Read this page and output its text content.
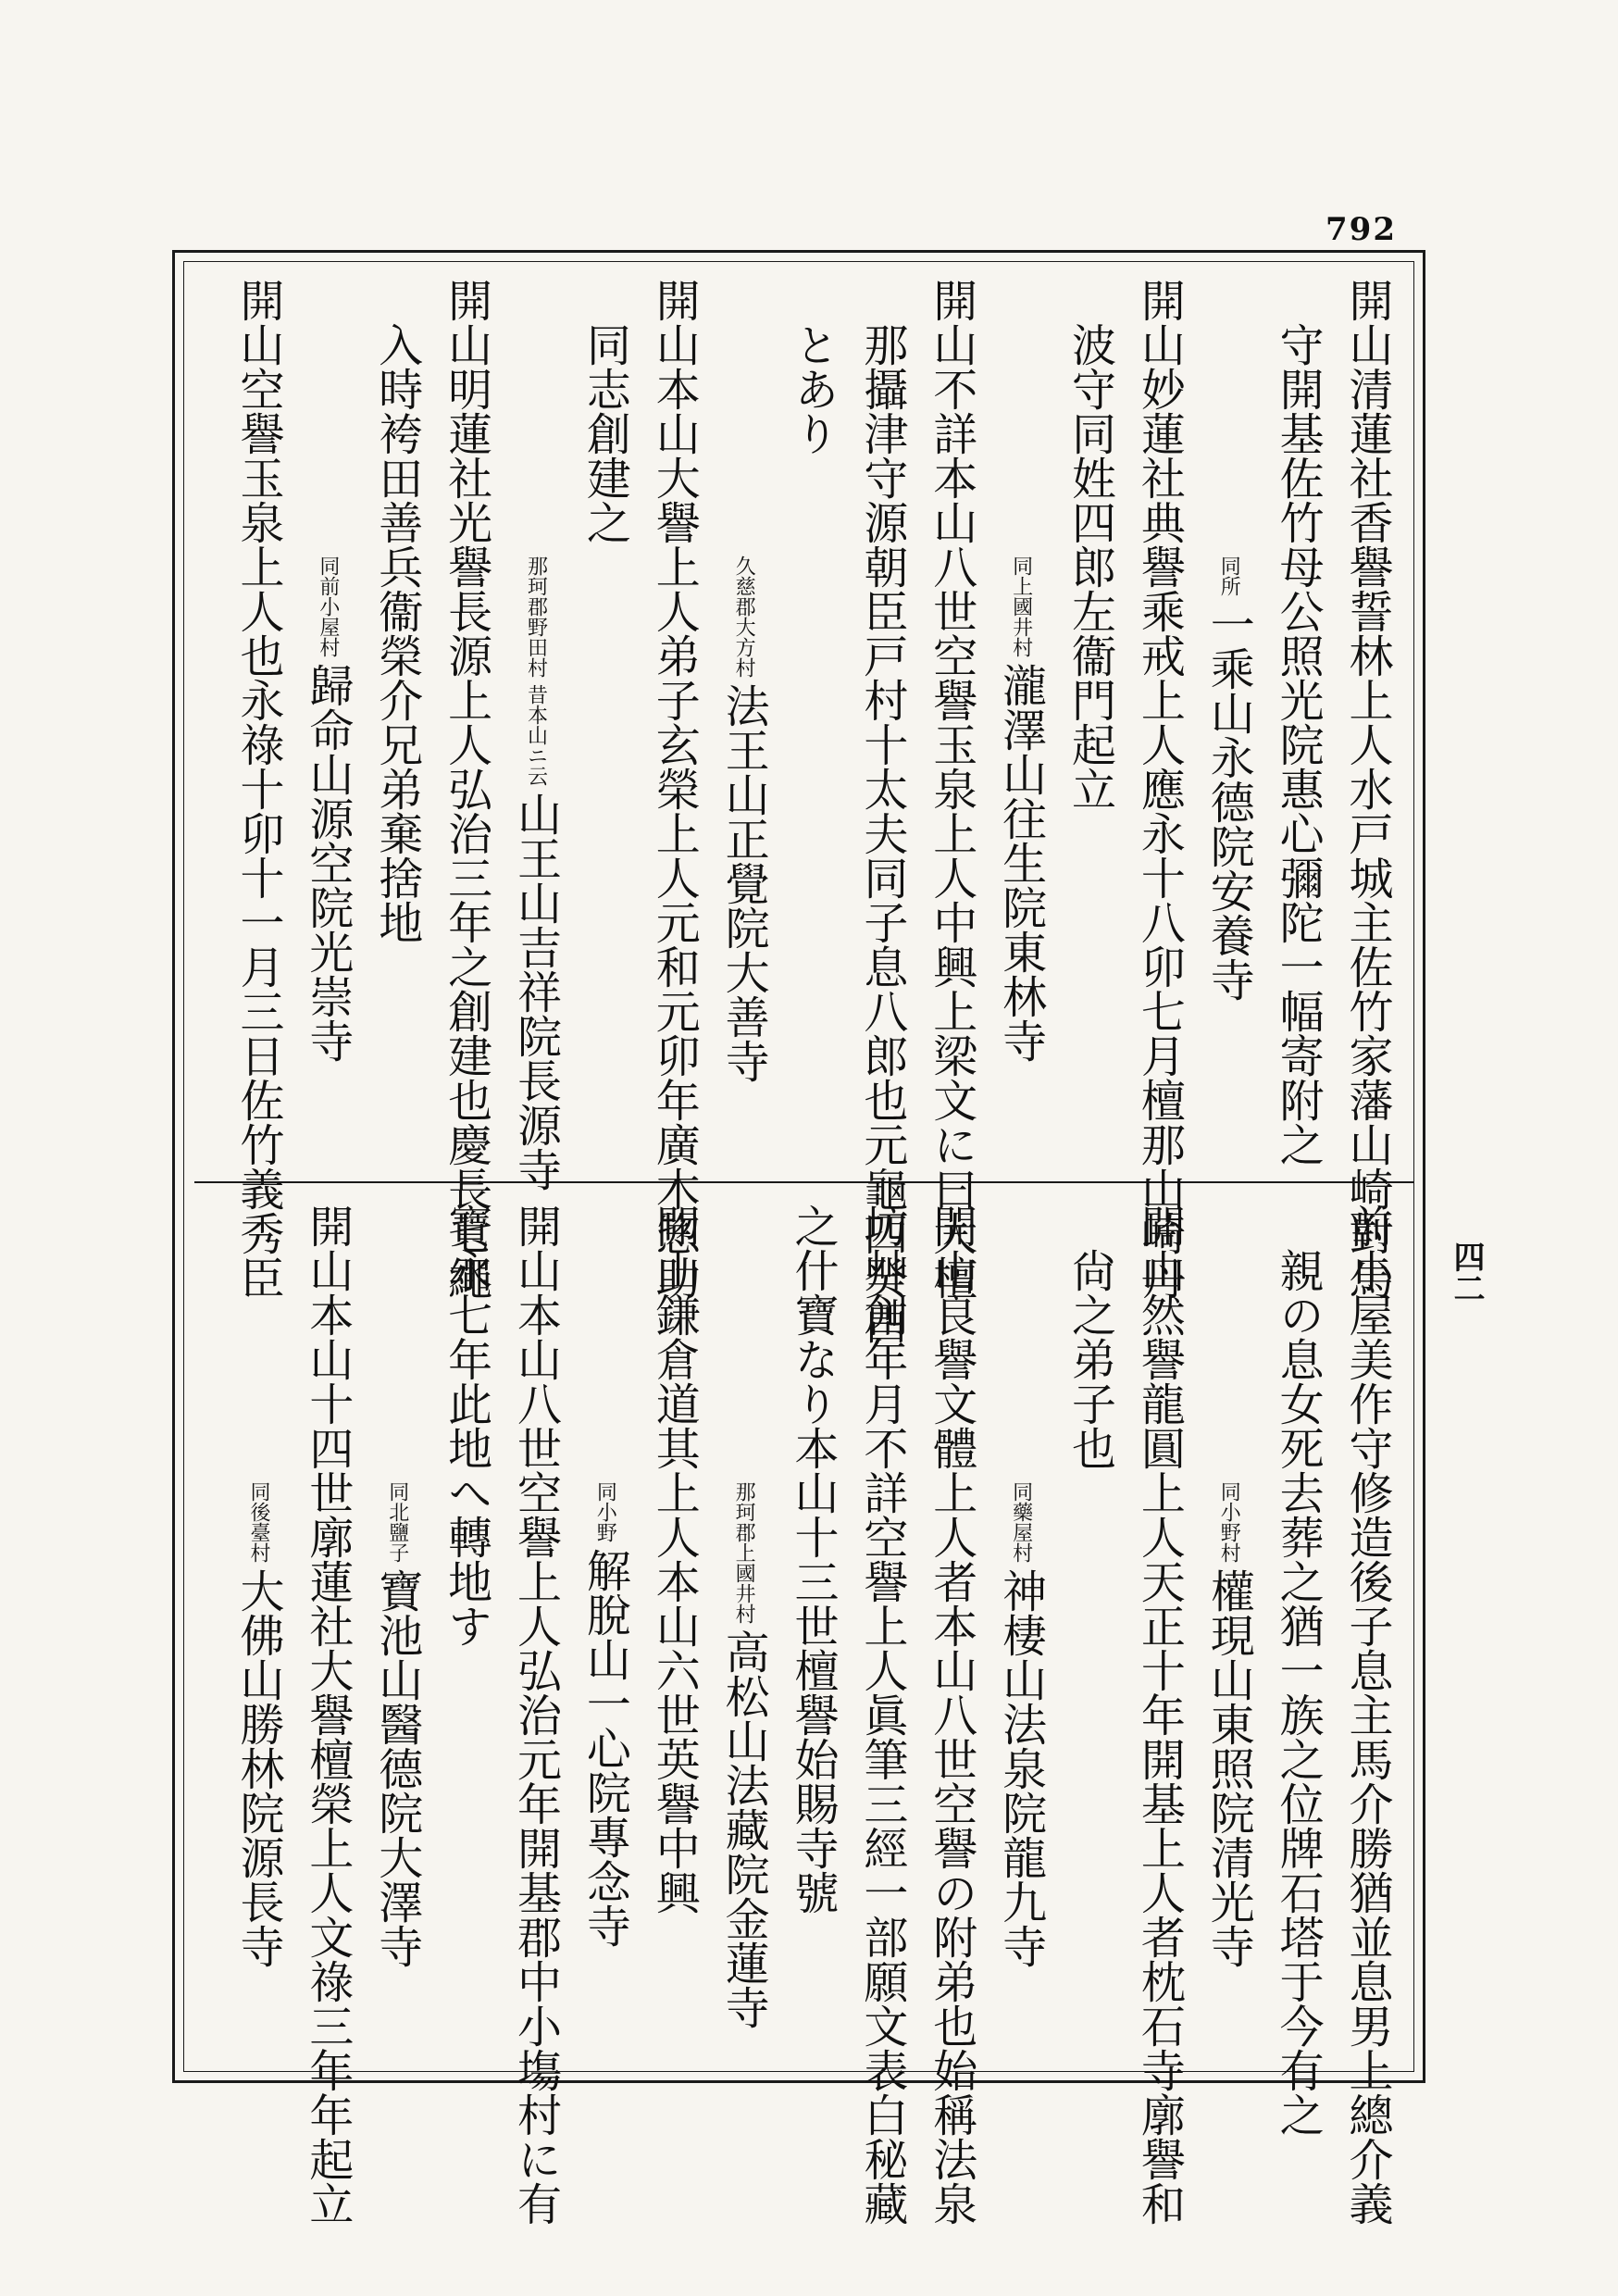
792
四二
開山清蓮社香譽誓林上人水戸城主佐竹家藩山崎對馬
守開基佐竹母公照光院惠心彌陀一幅寄附之
同所一乘山永德院安養寺
開山妙蓮社典譽乘戒上人應永十八卯七月檀那山崎丹
波守同姓四郎左衞門起立
同上國井村瀧澤山往生院東林寺
開山不詳本山八世空譽玉泉上人中興上梁文に曰大檀
那攝津守源朝臣戸村十太夫同子息八郎也元龜四癸酉
とあり
久慈郡大方村法王山正覺院大善寺
開山本山大譽上人弟子玄榮上人元和元卯年廣木惣助
同志創建之
那珂郡野田村 昔本山ニ云山王山吉祥院長源寺
開山明蓮社光譽長源上人弘治三年之創建也慶長七繩
入時袴田善兵衞榮介兄弟棄捨地
同前小屋村歸命山源空院光崇寺
開山空譽玉泉上人也永祿十卯十一月三日佐竹義秀臣
前小屋美作守修造後子息主馬介勝猶並息男上總介義
親の息女死去葬之猶一族之位牌石塔于今有之
同小野村權現山東照院清光寺
開山然譽龍圓上人天正十年開基上人者枕石寺廓譽和
尙之弟子也
同藥屋村神棲山法泉院龍九寺
開山良譽文體上人者本山八世空譽の附弟也始稱法泉
坊艸創年月不詳空譽上人眞筆三經一部願文表白秘藏
之什寶なり本山十三世檀譽始賜寺號
那珂郡上國井村高松山法藏院金蓮寺
開山鎌倉道其上人本山六世英譽中興
同小野解脫山一心院專念寺
開山本山八世空譽上人弘治元年開基郡中小塲村に有
寶永七年此地へ轉地す
同北鹽子寶池山醫德院大澤寺
開山本山十四世廓蓮社大譽檀榮上人文祿三年年起立
同後臺村大佛山勝林院源長寺
